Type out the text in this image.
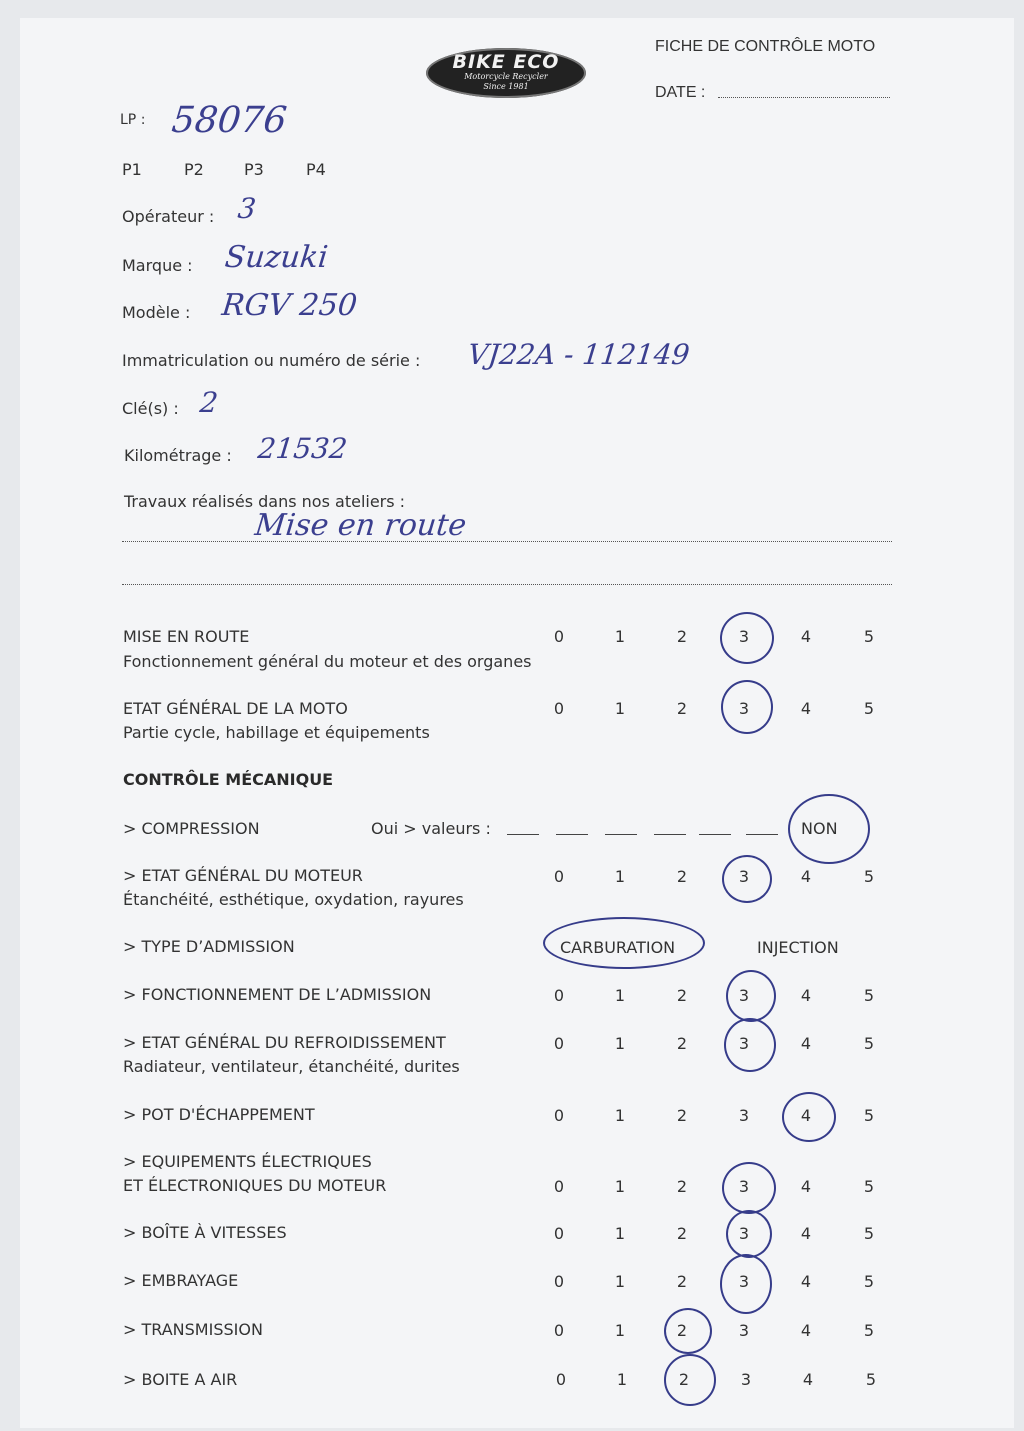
BIKE ECO
Motorcycle Recycler
Since 1981
FICHE DE CONTRÔLE MOTO
DATE :
LP : 58076
P1	P2	P3	P4
Opérateur : 3
Marque : Suzuki
Modèle : RGV 250
Immatriculation ou numéro de série : VJ22A - 112149
Clé(s) : 2
Kilométrage : 21532
Travaux réalisés dans nos ateliers :
Mise en route
MISE EN ROUTE
Fonctionnement général du moteur et des organes
0	1	2	3	4	5
ETAT GÉNÉRAL DE LA MOTO
Partie cycle, habillage et équipements
0	1	2	3	4	5
CONTRÔLE MÉCANIQUE
> COMPRESSION	Oui > valeurs :	NON
> ETAT GÉNÉRAL DU MOTEUR
Étanchéité, esthétique, oxydation, rayures
0	1	2	3	4	5
> TYPE D’ADMISSION	CARBURATION	INJECTION
> FONCTIONNEMENT DE L’ADMISSION	0	1	2	3	4	5
> ETAT GÉNÉRAL DU REFROIDISSEMENT
Radiateur, ventilateur, étanchéité, durites
0	1	2	3	4	5
> POT D'ÉCHAPPEMENT	0	1	2	3	4	5
> EQUIPEMENTS ÉLECTRIQUES
ET ÉLECTRONIQUES DU MOTEUR	0	1	2	3	4	5
> BOÎTE À VITESSES	0	1	2	3	4	5
> EMBRAYAGE	0	1	2	3	4	5
> TRANSMISSION	0	1	2	3	4	5
> BOITE A AIR	0	1	2	3	4	5
